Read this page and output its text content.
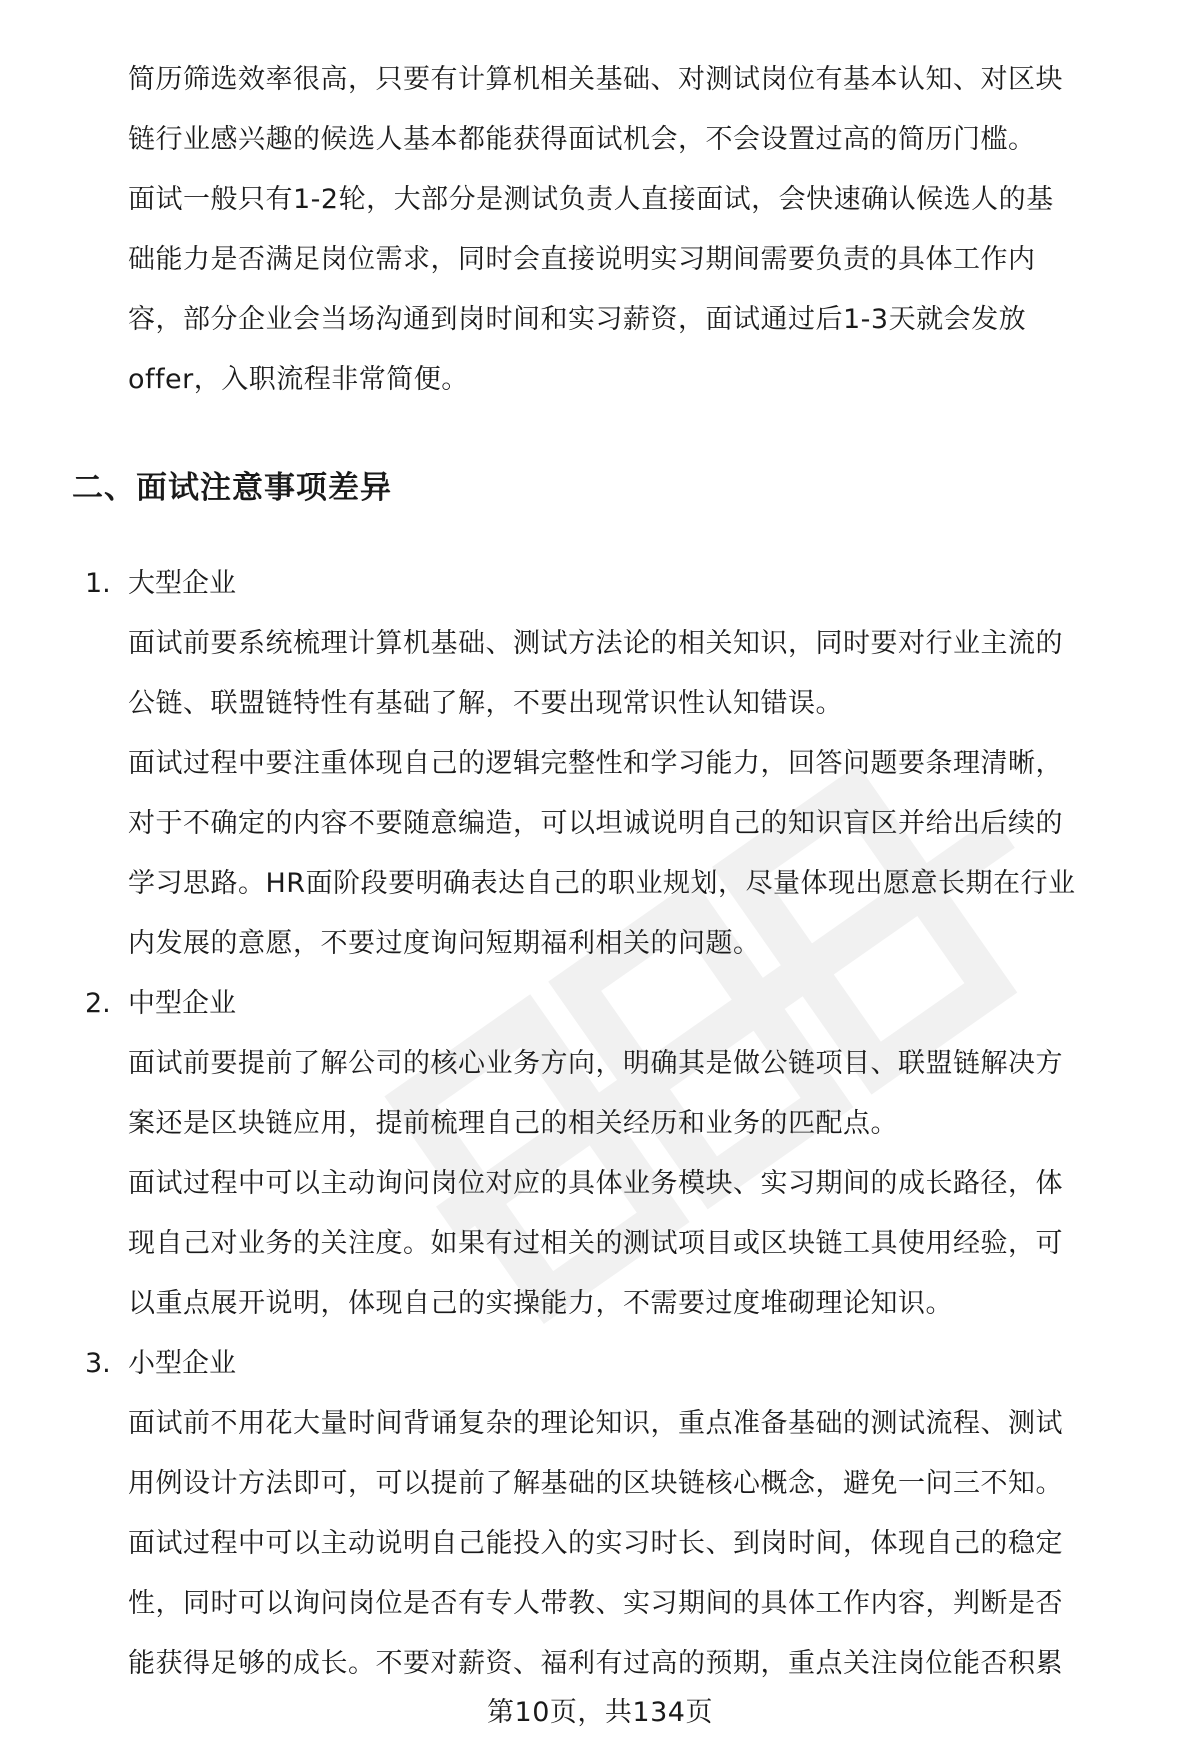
简历筛选效率很高，只要有计算机相关基础、对测试岗位有基本认知、对区块
链行业感兴趣的候选人基本都能获得面试机会，不会设置过高的简历门槛。
面试一般只有1-2轮，大部分是测试负责人直接面试，会快速确认候选人的基
础能力是否满足岗位需求，同时会直接说明实习期间需要负责的具体工作内
容，部分企业会当场沟通到岗时间和实习薪资，面试通过后1-3天就会发放
offer，入职流程非常简便。
二、面试注意事项差异
1. 大型企业
面试前要系统梳理计算机基础、测试方法论的相关知识，同时要对行业主流的
公链、联盟链特性有基础了解，不要出现常识性认知错误。
面试过程中要注重体现自己的逻辑完整性和学习能力，回答问题要条理清晰，
对于不确定的内容不要随意编造，可以坦诚说明自己的知识盲区并给出后续的
学习思路。HR面阶段要明确表达自己的职业规划，尽量体现出愿意长期在行业
内发展的意愿，不要过度询问短期福利相关的问题。
2. 中型企业
面试前要提前了解公司的核心业务方向，明确其是做公链项目、联盟链解决方
案还是区块链应用，提前梳理自己的相关经历和业务的匹配点。
面试过程中可以主动询问岗位对应的具体业务模块、实习期间的成长路径，体
现自己对业务的关注度。如果有过相关的测试项目或区块链工具使用经验，可
以重点展开说明，体现自己的实操能力，不需要过度堆砌理论知识。
3. 小型企业
面试前不用花大量时间背诵复杂的理论知识，重点准备基础的测试流程、测试
用例设计方法即可，可以提前了解基础的区块链核心概念，避免一问三不知。
面试过程中可以主动说明自己能投入的实习时长、到岗时间，体现自己的稳定
性，同时可以询问岗位是否有专人带教、实习期间的具体工作内容，判断是否
能获得足够的成长。不要对薪资、福利有过高的预期，重点关注岗位能否积累
第10页，共134页
